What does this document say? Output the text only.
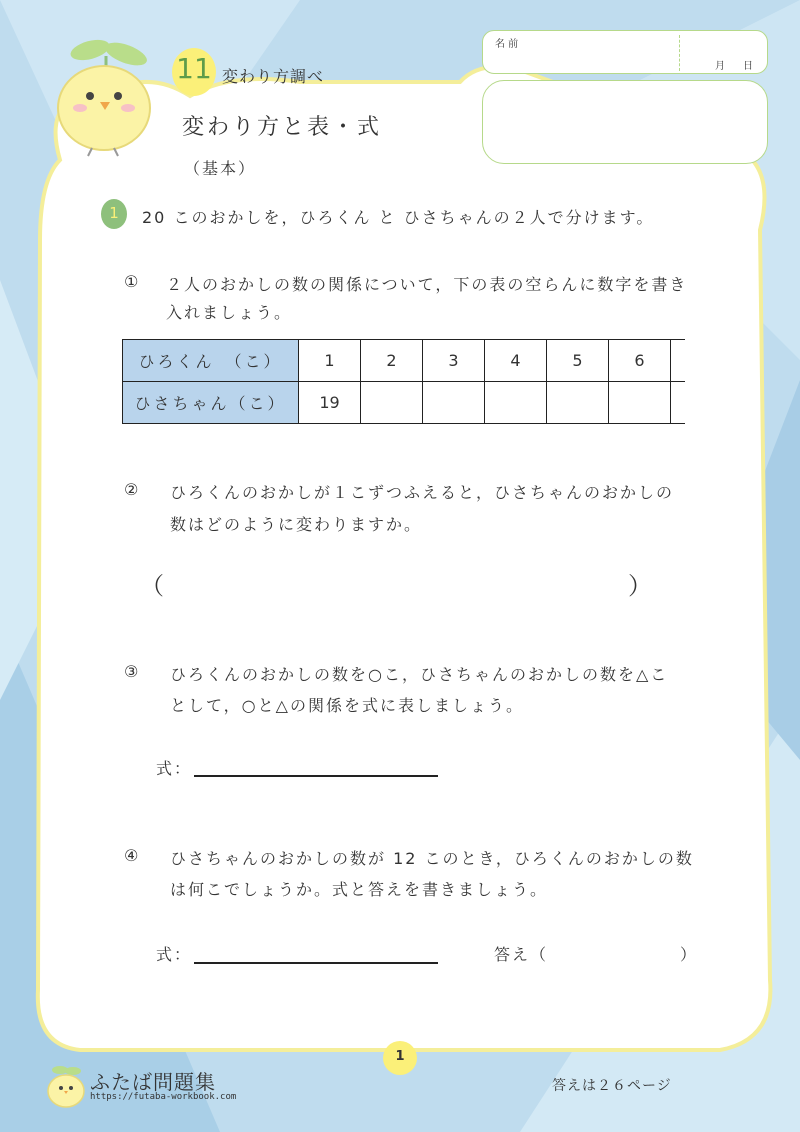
11 変わり方調べ
変わり方と表・式
（基本）
名 前
月 日
1	20 このおかしを，ひろくん と ひさちゃんの２人で分けます。
① ２人のおかしの数の関係について，下の表の空らんに数字を書き
入れましょう。
ひろくん　（こ）	1	2	3	4	5	6	
ひさちゃん（こ）	19						
② ひろくんのおかしが１こずつふえると，ひさちゃんのおかしの
数はどのように変わりますか。
（	）
③ ひろくんのおかしの数を○こ，ひさちゃんのおかしの数を△こ
として，○と△の関係を式に表しましょう。
式：
④ ひさちゃんのおかしの数が 12 このとき，ひろくんのおかしの数
は何こでしょうか。式と答えを書きましょう。
式：	答え（	）
1
ふたば問題集
https://futaba-workbook.com
答えは２６ページ
